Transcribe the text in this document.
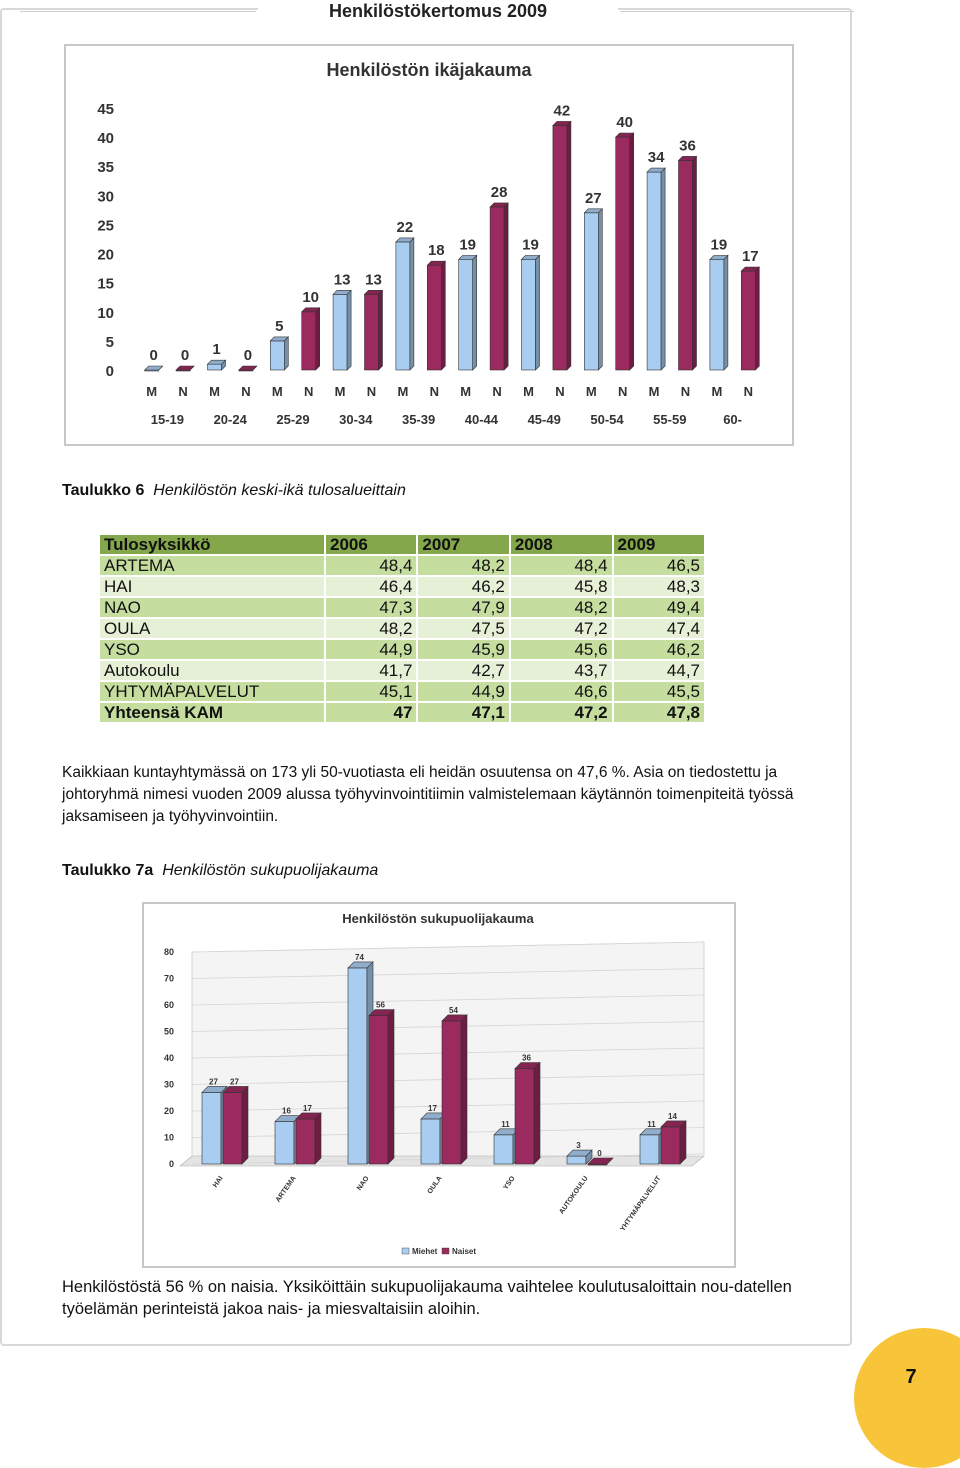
Henkilöstökertomus 2009
Henkilöstön ikäjakauma
0
5
10
15
20
25
30
35
40
45
0
M
0
N
1
M
0
N
5
M
10
N
13
M
13
N
22
M
18
N
19
M
28
N
19
M
42
N
27
M
40
N
34
M
36
N
19
M
17
N
15-19 20-24 25-29 30-34 35-39 40-44 45-49 50-54 55-59	60-
Taulukko 6 Henkilöstön keski-ikä tulosalueittain
Tulosyksikkö	2006	2007	2008	2009
ARTEMA	48,4	48,2	48,4	46,5
HAI	46,4	46,2	45,8	48,3
NAO	47,3	47,9	48,2	49,4
OULA	48,2	47,5	47,2	47,4
YSO	44,9	45,9	45,6	46,2
Autokoulu	41,7	42,7	43,7	44,7
YHTYMÄPALVELUT	45,1	44,9	46,6	45,5
Yhteensä KAM	47	47,1	47,2	47,8
Kaikkiaan kuntayhtymässä on 173 yli 50-vuotiasta eli heidän osuutensa on 47,6 %. Asia on tiedostettu ja johtoryhmä nimesi vuoden 2009 alussa työhyvinvointitiimin valmistelemaan käytännön toimenpiteitä työssä jaksamiseen ja työhyvinvointiin.
Taulukko 7a Henkilöstön sukupuolijakauma
Henkilöstön sukupuolijakauma
0
10
20
30
40
50
60
70
80
27 27
HAI
16 17
ARTEMA
74
56
NAO
17
54
OULA
11
36
YSO
3
0
AUTOKOULU
11
14
YHTYMÄPALVELUT
Miehet Naiset
Henkilöstöstä 56 % on naisia. Yksiköittäin sukupuolijakauma vaihtelee koulutusaloittain nou-datellen työelämän perinteistä jakoa nais- ja miesvaltaisiin aloihin.
7
